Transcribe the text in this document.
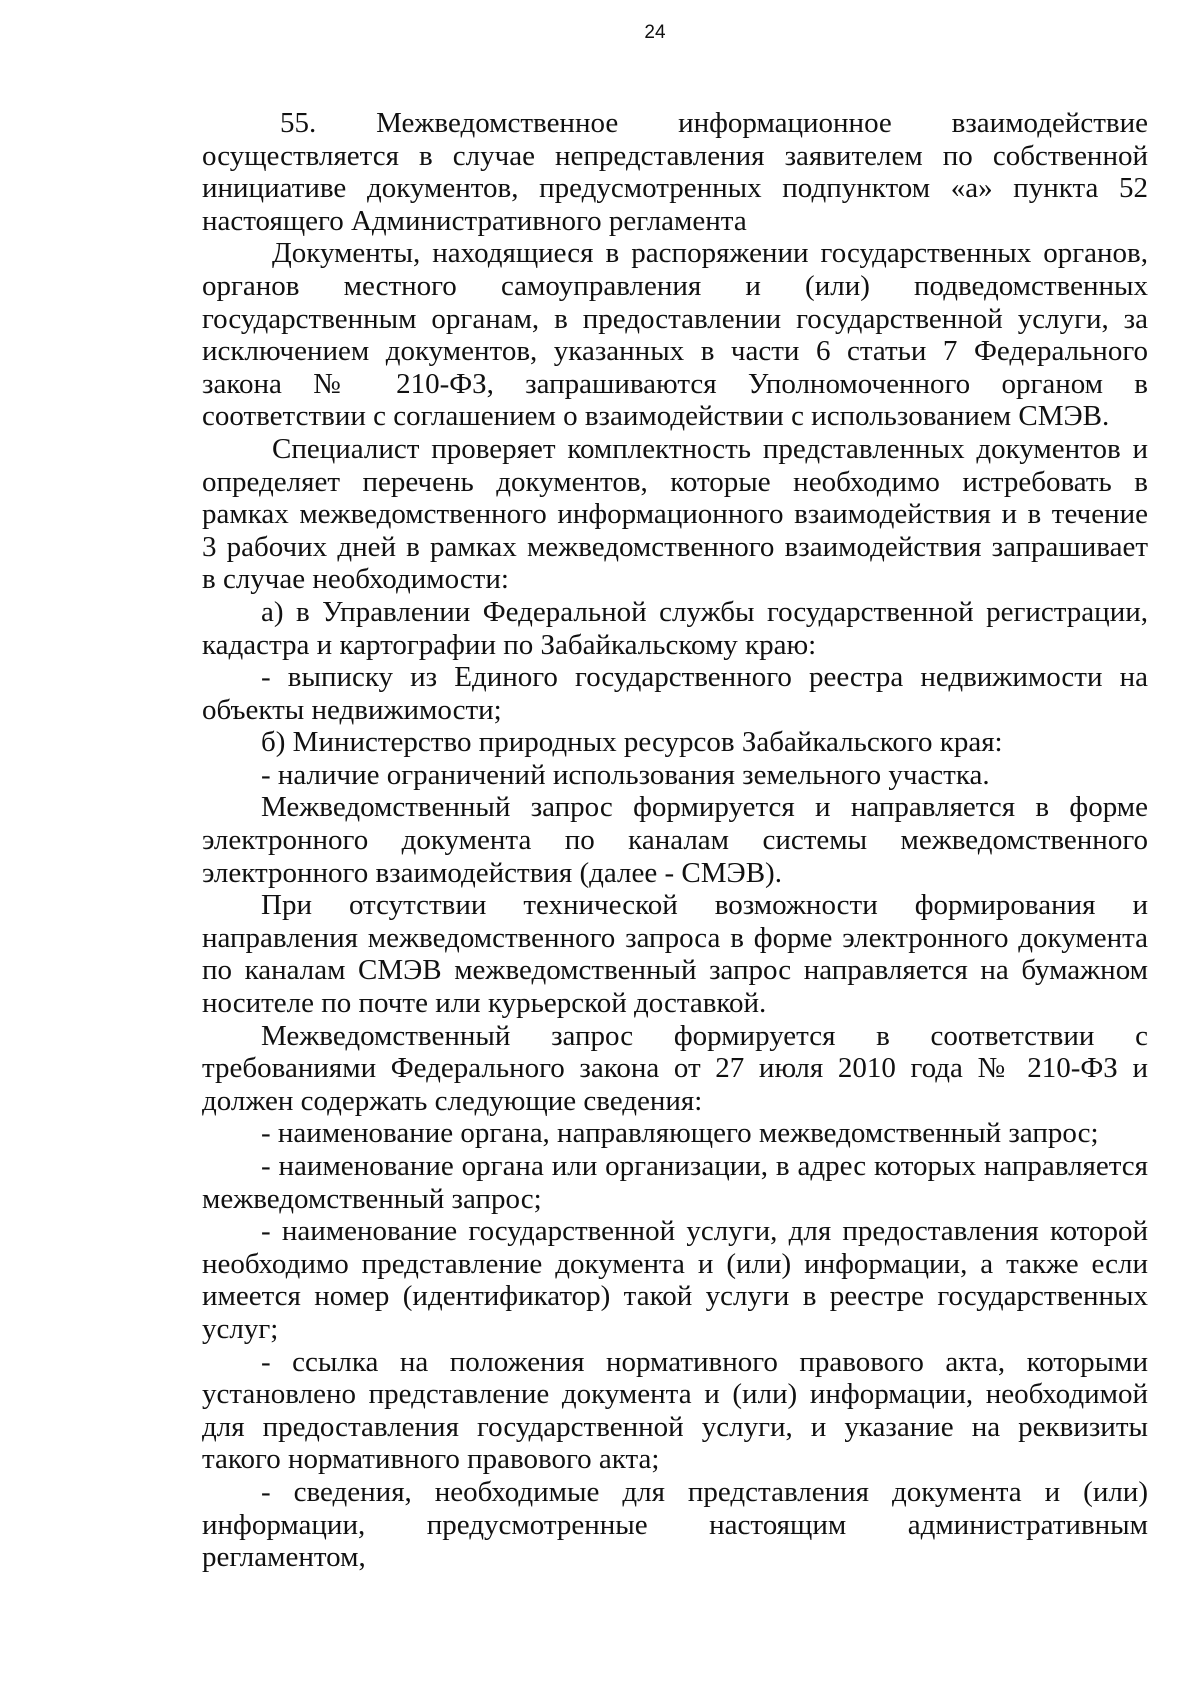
24

55. Межведомственное информационное взаимодействие осуществляется в случае непредставления заявителем по собственной инициативе документов, предусмотренных подпунктом «а» пункта 52 настоящего Административного регламента

Документы, находящиеся в распоряжении государственных органов, органов местного самоуправления и (или) подведомственных государственным органам, в предоставлении государственной услуги, за исключением документов, указанных в части 6 статьи 7 Федерального закона № 210-ФЗ, запрашиваются Уполномоченного органом в соответствии с соглашением о взаимодействии с использованием СМЭВ.

Специалист проверяет комплектность представленных документов и определяет перечень документов, которые необходимо истребовать в рамках межведомственного информационного взаимодействия и в течение 3 рабочих дней в рамках межведомственного взаимодействия запрашивает в случае необходимости:

а) в Управлении Федеральной службы государственной регистрации, кадастра и картографии по Забайкальскому краю:

- выписку из Единого государственного реестра недвижимости на объекты недвижимости;

б) Министерство природных ресурсов Забайкальского края:

- наличие ограничений использования земельного участка.

Межведомственный запрос формируется и направляется в форме электронного документа по каналам системы межведомственного электронного взаимодействия (далее - СМЭВ).

При отсутствии технической возможности формирования и направления межведомственного запроса в форме электронного документа по каналам СМЭВ межведомственный запрос направляется на бумажном носителе по почте или курьерской доставкой.

Межведомственный запрос формируется в соответствии с требованиями Федерального закона от 27 июля 2010 года № 210-ФЗ и должен содержать следующие сведения:

- наименование органа, направляющего межведомственный запрос;

- наименование органа или организации, в адрес которых направляется межведомственный запрос;

- наименование государственной услуги, для предоставления которой необходимо представление документа и (или) информации, а также если имеется номер (идентификатор) такой услуги в реестре государственных услуг;

- ссылка на положения нормативного правового акта, которыми установлено представление документа и (или) информации, необходимой для предоставления государственной услуги, и указание на реквизиты такого нормативного правового акта;

- сведения, необходимые для представления документа и (или) информации, предусмотренные настоящим административным регламентом,
